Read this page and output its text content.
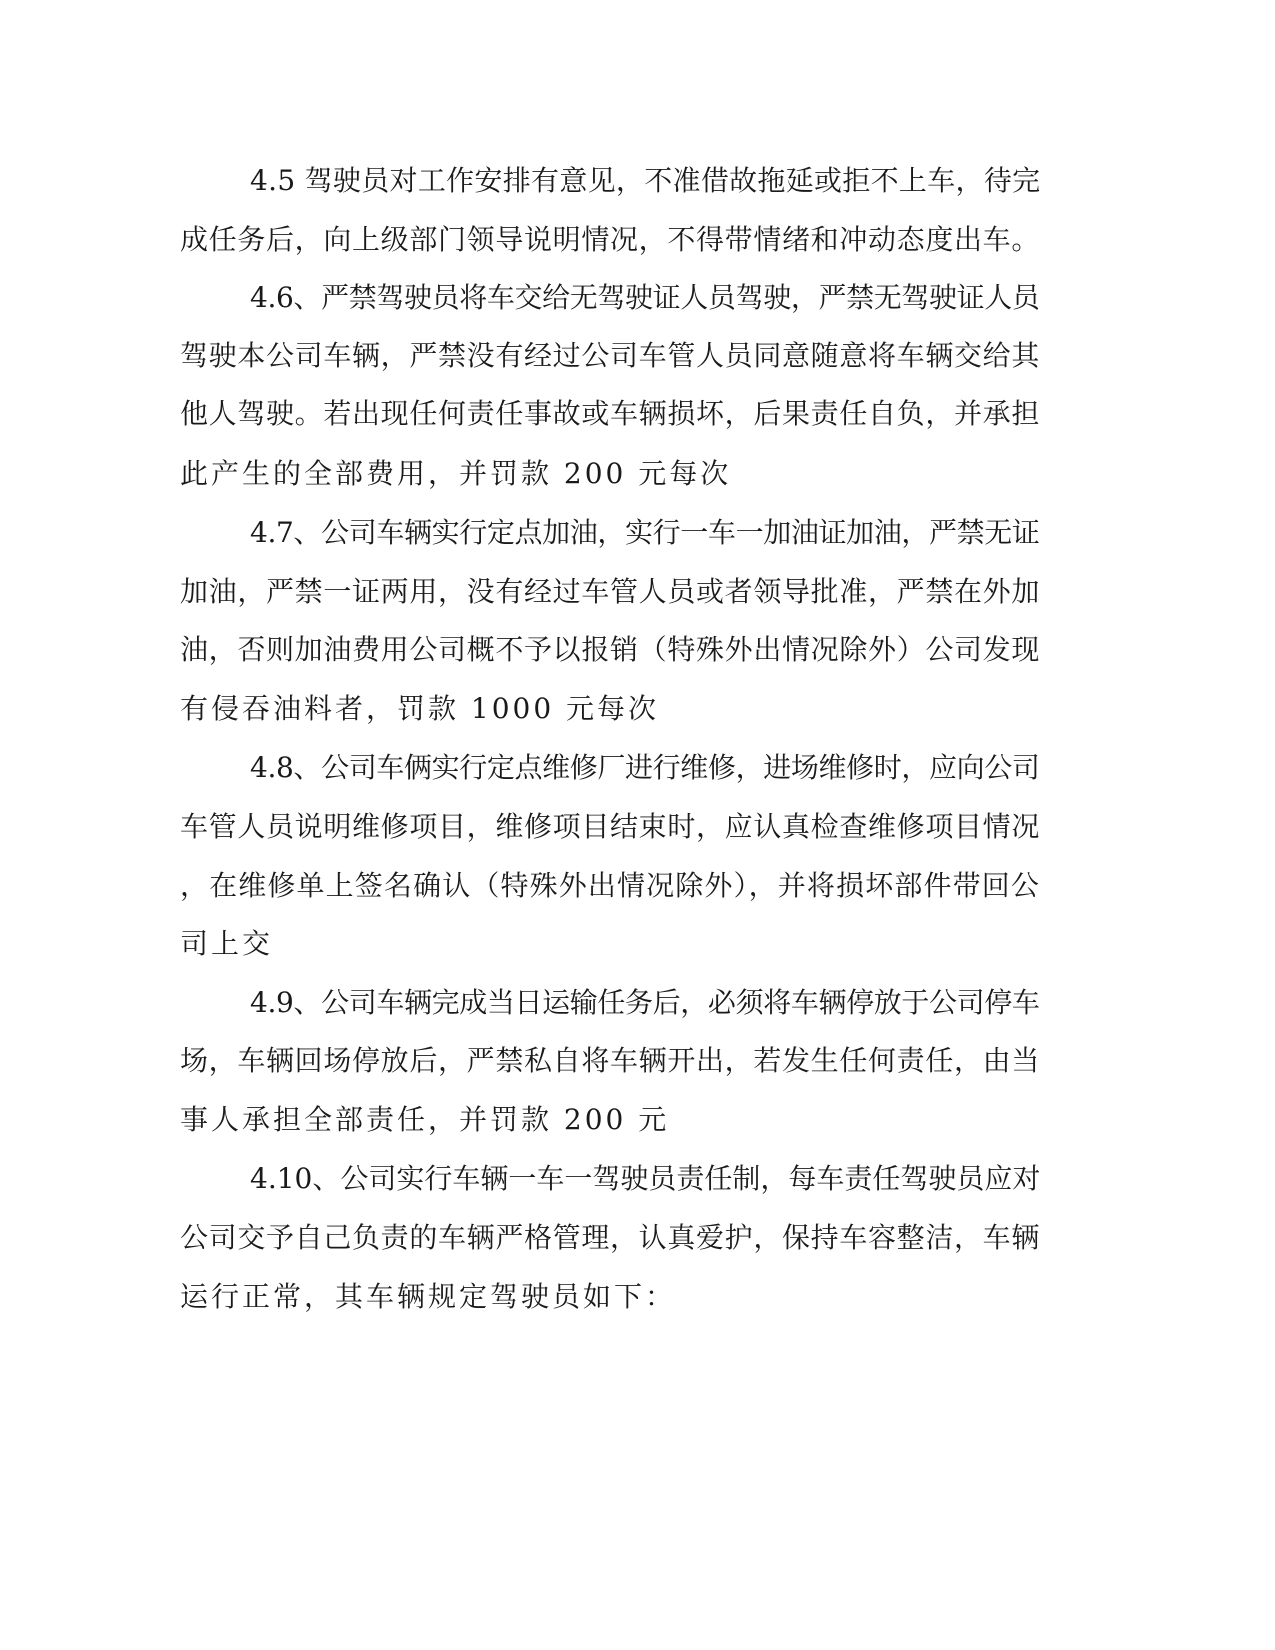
4.5 驾驶员对工作安排有意见，不准借故拖延或拒不上车，待完
成任务后，向上级部门领导说明情况，不得带情绪和冲动态度出车。
4.6、严禁驾驶员将车交给无驾驶证人员驾驶，严禁无驾驶证人员
驾驶本公司车辆，严禁没有经过公司车管人员同意随意将车辆交给其
他人驾驶。若出现任何责任事故或车辆损坏，后果责任自负，并承担
此产生的全部费用，并罚款 200 元每次
4.7、公司车辆实行定点加油，实行一车一加油证加油，严禁无证
加油，严禁一证两用，没有经过车管人员或者领导批准，严禁在外加
油，否则加油费用公司概不予以报销（特殊外出情况除外）公司发现
有侵吞油料者，罚款 1000 元每次
4.8、公司车俩实行定点维修厂进行维修，进场维修时，应向公司
车管人员说明维修项目，维修项目结束时，应认真检查维修项目情况
，在维修单上签名确认（特殊外出情况除外），并将损坏部件带回公
司上交
4.9、公司车辆完成当日运输任务后，必须将车辆停放于公司停车
场，车辆回场停放后，严禁私自将车辆开出，若发生任何责任，由当
事人承担全部责任，并罚款 200 元
4.10、公司实行车辆一车一驾驶员责任制，每车责任驾驶员应对
公司交予自己负责的车辆严格管理，认真爱护，保持车容整洁，车辆
运行正常，其车辆规定驾驶员如下：
